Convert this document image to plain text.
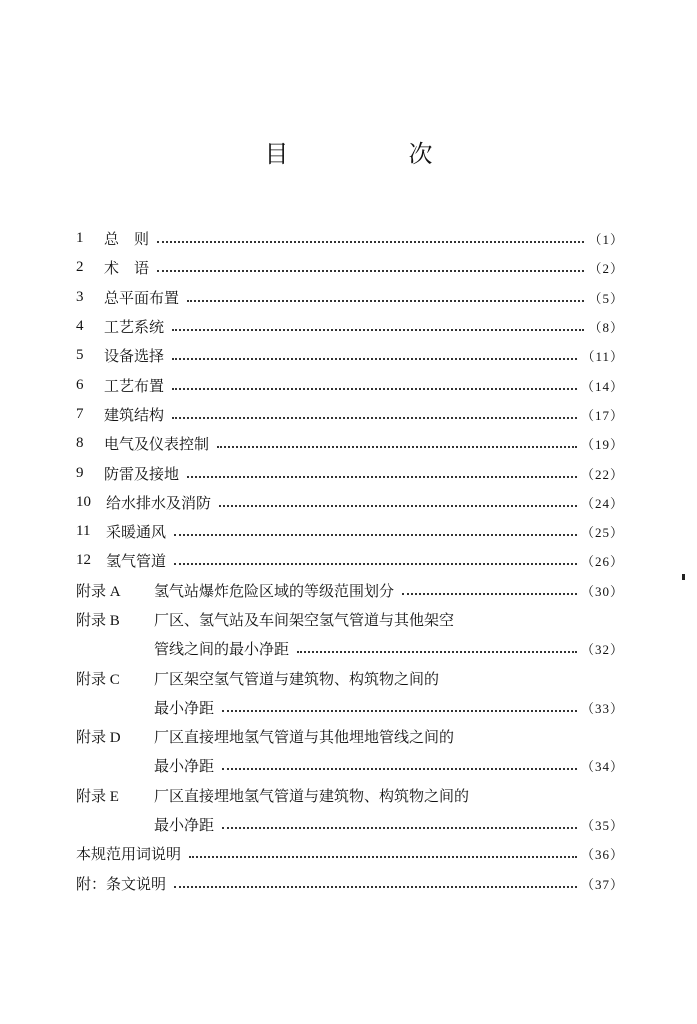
目　次
1	总　则	（1）
2	术　语	（2）
3	总平面布置	（5）
4	工艺系统	（8）
5	设备选择	（11）
6	工艺布置	（14）
7	建筑结构	（17）
8	电气及仪表控制	（19）
9	防雷及接地	（22）
10	给水排水及消防	（24）
11	采暖通风	（25）
12	氢气管道	（26）
附录 A	氢气站爆炸危险区域的等级范围划分	（30）
附录 B	厂区、氢气站及车间架空氢气管道与其他架空
管线之间的最小净距	（32）
附录 C	厂区架空氢气管道与建筑物、构筑物之间的
最小净距	（33）
附录 D	厂区直接埋地氢气管道与其他埋地管线之间的
最小净距	（34）
附录 E	厂区直接埋地氢气管道与建筑物、构筑物之间的
最小净距	（35）
本规范用词说明	（36）
附：条文说明	（37）
